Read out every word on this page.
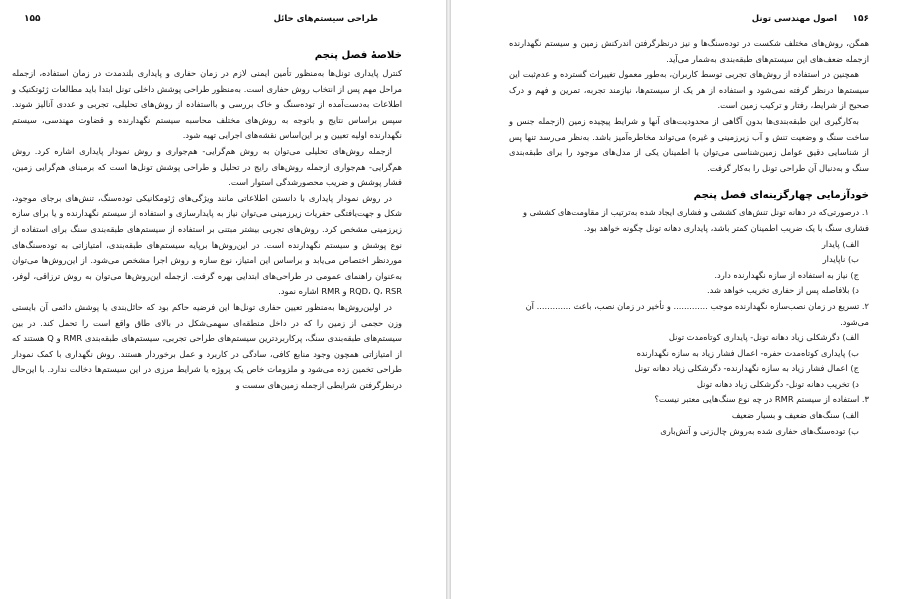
۱۵۵	طراحی سیستم‌های حائل
خلاصهٔ فصل پنجم

کنترل پایداری تونل‌ها به‌منظور تأمین ایمنی لازم در زمان حفاری و پایداری بلندمدت در زمان استفاده، ازجمله مراحل مهم پس از انتخاب روش حفاری است. به‌منظور طراحی پوشش داخلی تونل ابتدا باید مطالعات ژئوتکنیک و اطلاعات به‌دست‌آمده از توده‌سنگ و خاک بررسی و بااستفاده از روش‌های تحلیلی، تجربی و عددی آنالیز شوند. سپس براساس نتایج و باتوجه به روش‌های مختلف محاسبه سیستم نگهدارنده و قضاوت مهندسی، سیستم نگهدارنده اولیه تعیین و بر این‌اساس نقشه‌های اجرایی تهیه شود.

ازجمله روش‌های تحلیلی می‌توان به روش هم‌گرایی- هم‌جواری و روش نمودار پایداری اشاره کرد. روش هم‌گرایی- هم‌جواری ازجمله روش‌های رایج در تحلیل و طراحی پوشش تونل‌ها است که برمبنای هم‌گرایی زمین، فشار پوشش و ضریب محصورشدگی استوار است.

در روش نمودار پایداری با دانستن اطلاعاتی مانند ویژگی‌های ژئومکانیکی توده‌سنگ، تنش‌های برجای موجود، شکل و جهت‌یافتگی حفریات زیرزمینی می‌توان نیاز به پایدارسازی و استفاده از سیستم نگهدارنده و یا برای سازه زیرزمینی مشخص کرد. روش‌های تجربی بیشتر مبتنی بر استفاده از سیستم‌های طبقه‌بندی سنگ برای استفاده از نوع پوشش و سیستم نگهدارنده است. در این‌روش‌ها برپایه سیستم‌های طبقه‌بندی، امتیازاتی به توده‌سنگ‌های موردنظر اختصاص می‌یابد و براساس این امتیاز، نوع سازه و روش اجرا مشخص می‌شود. از این‌روش‌ها می‌توان به‌عنوان راهنمای عمومی در طراحی‌های ابتدایی بهره گرفت. ازجمله این‌روش‌ها می‌توان به روش ترزاقی، لوفر، RQD، Q، RSR و RMR اشاره نمود.

در اولین‌روش‌ها به‌منظور تعیین حفاری تونل‌ها این فرضیه حاکم بود که حائل‌بندی یا پوشش دائمی آن بایستی وزن حجمی از زمین را که در داخل منطقه‌ای سهمی‌شکل در بالای طاق واقع است را تحمل کند. در بین سیستم‌های طبقه‌بندی سنگ، پرکاربردترین سیستم‌های طراحی تجربی، سیستم‌های طبقه‌بندی RMR و Q هستند که از امتیازاتی همچون وجود منابع کافی، سادگی در کاربرد و عمل برخوردار هستند. روش نگهداری با کمک نمودار طراحی تخمین زده می‌شود و ملزومات خاص یک پروژه یا شرایط مرزی در این سیستم‌ها دخالت ندارد. با این‌حال درنظرگرفتن شرایطی ازجمله زمین‌های سست و

۱۵۶
اصول مهندسی تونل

همگن، روش‌های مختلف شکست در توده‌سنگ‌ها و نیز درنظرگرفتن اندرکنش زمین و سیستم نگهدارنده ازجمله ضعف‌های این سیستم‌های طبقه‌بندی به‌شمار می‌آید.

همچنین در استفاده از روش‌های تجربی توسط کاربران، به‌طور معمول تغییرات گسترده و عدم‌ثبت این سیستم‌ها درنظر گرفته نمی‌شود و استفاده از هر یک از سیستم‌ها، نیازمند تجربه، تمرین و فهم و درک صحیح از شرایط، رفتار و ترکیب زمین است.

به‌کارگیری این طبقه‌بندی‌ها بدون آگاهی از محدودیت‌های آنها و شرایط پیچیده زمین (ازجمله جنس و ساخت سنگ و وضعیت تنش و آب زیرزمینی و غیره) می‌تواند مخاطره‌آمیز باشد. به‌نظر می‌رسد تنها پس از شناسایی دقیق عوامل زمین‌شناسی می‌توان با اطمینان یکی از مدل‌های موجود را برای طبقه‌بندی سنگ و به‌دنبال آن طراحی تونل را به‌کار گرفت.

خودآزمایی چهارگزینه‌ای فصل پنجم

۱. درصورتی‌که در دهانه تونل تنش‌های کششی و فشاری ایجاد شده به‌ترتیب از مقاومت‌های کششی و فشاری سنگ با یک ضریب اطمینان کمتر باشد، پایداری دهانه تونل چگونه خواهد بود.

الف) پایدار

ب) ناپایدار

ج) نیاز به استفاده از سازه نگهدارنده دارد.

د) بلافاصله پس از حفاری تخریب خواهد شد.

۲. تسریع در زمان نصب‌سازه نگهدارنده موجب ............. و تأخیر در زمان نصب، باعث ............. آن می‌شود.

الف) دگرشکلی زیاد دهانه تونل- پایداری کوتاه‌مدت تونل

ب) پایداری کوتاه‌مدت حفره- اعمال فشار زیاد به سازه نگهدارنده

ج) اعمال فشار زیاد به سازه نگهدارنده- دگرشکلی زیاد دهانه تونل

د) تخریب دهانه تونل- دگرشکلی زیاد دهانه تونل

۳. استفاده از سیستم RMR در چه نوع سنگ‌هایی معتبر نیست؟

الف) سنگ‌های ضعیف و بسیار ضعیف

ب) توده‌سنگ‌های حفاری شده به‌روش چال‌زنی و آتش‌باری
